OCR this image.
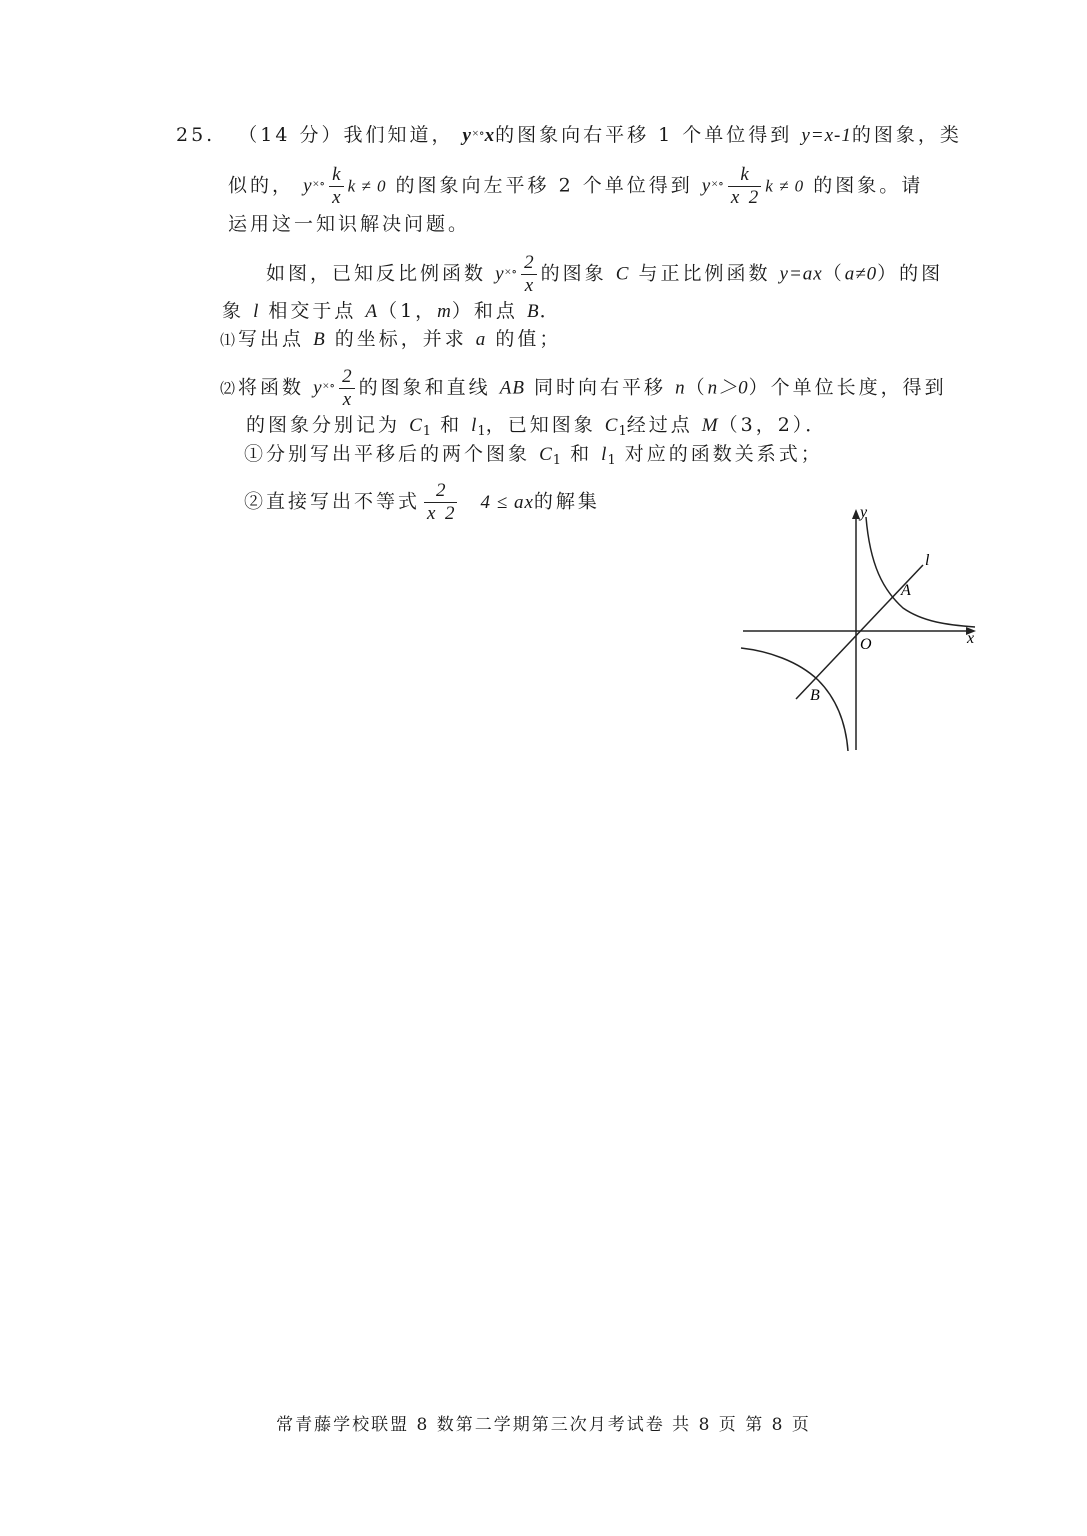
25. （14 分）我们知道， y×∘x的图象向右平移 1 个单位得到 y=x-1的图象，类
似的， $y^{\times\circ} \frac{k}{x}$ k ≠ 0 的图象向左平移 2 个单位得到 $y^{\times\circ} \frac{k}{x 2}$ k ≠ 0 的图象。请
运用这一知识解决问题。
如图，已知反比例函数 $y^{\times\circ} \frac{2}{x}$ 的图象 C 与正比例函数 y=ax（a≠0）的图
象 l 相交于点 A（1，m）和点 B．
⑴写出点 B 的坐标，并求 a 的值；
⑵将函数 $y^{\times\circ} \frac{2}{x}$ 的图象和直线 AB 同时向右平移 n（n＞0）个单位长度，得到
的图象分别记为 $C_1$ 和 $l_1$，已知图象 $C_1$经过点 M（3，2）．
①分别写出平移后的两个图象 $C_1$ 和 $l_1$ 对应的函数关系式；
②直接写出不等式 $\frac{2}{x 2} 4$ ≤ ax的解集	y
x
O
l
A
B
常青藤学校联盟 8 数第二学期第三次月考试卷 共 8 页 第 8 页
